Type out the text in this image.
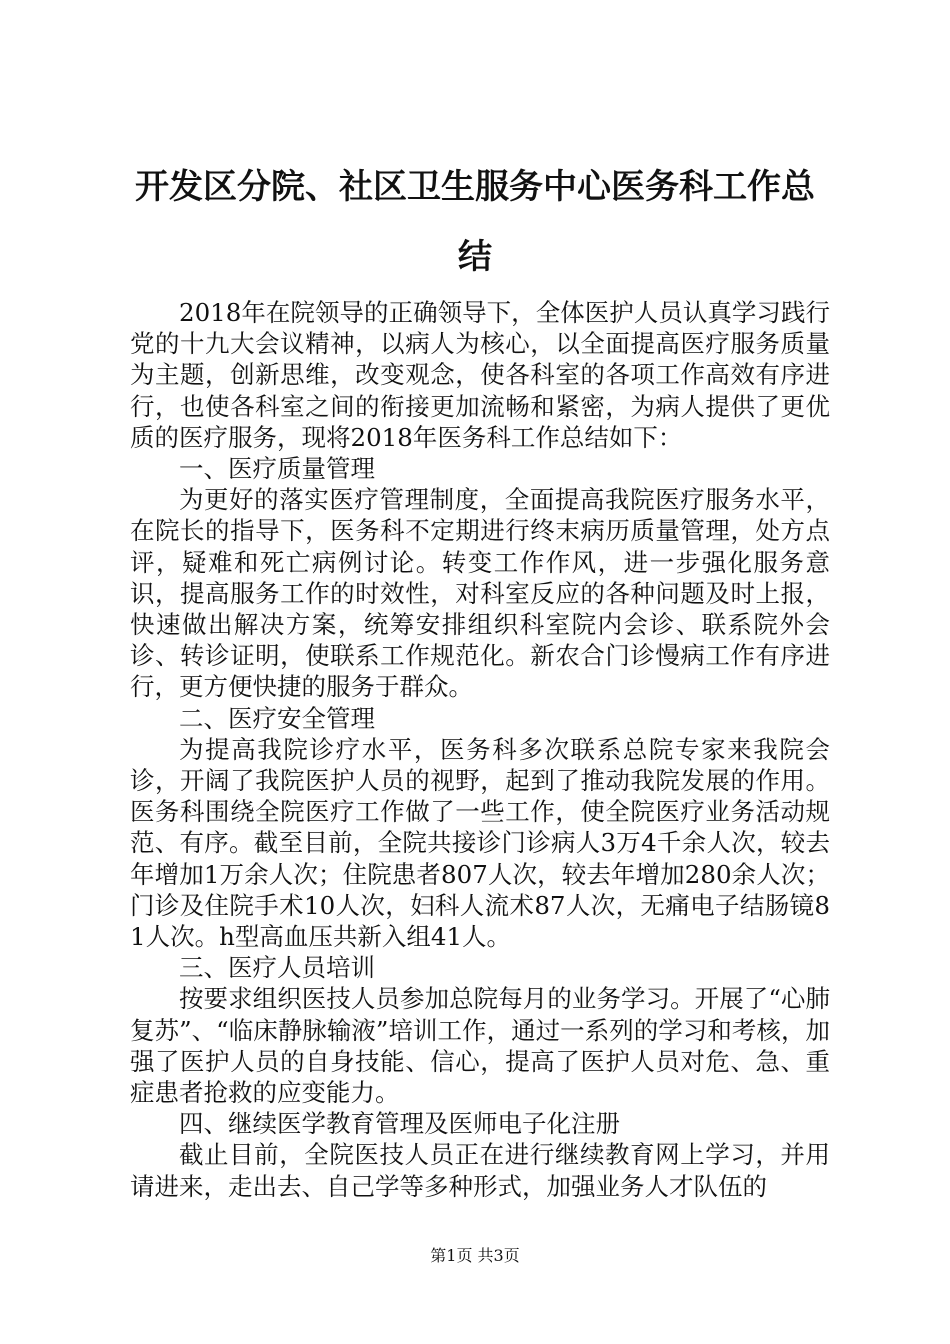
开发区分院、社区卫生服务中心医务科工作总结

2018年在院领导的正确领导下，全体医护人员认真学习践行党的十九大会议精神，以病人为核心，以全面提高医疗服务质量为主题，创新思维，改变观念，使各科室的各项工作高效有序进行，也使各科室之间的衔接更加流畅和紧密，为病人提供了更优质的医疗服务，现将2018年医务科工作总结如下：

一、医疗质量管理

为更好的落实医疗管理制度，全面提高我院医疗服务水平，在院长的指导下，医务科不定期进行终末病历质量管理，处方点评，疑难和死亡病例讨论。转变工作作风，进一步强化服务意识，提高服务工作的时效性，对科室反应的各种问题及时上报，快速做出解决方案，统筹安排组织科室院内会诊、联系院外会诊、转诊证明，使联系工作规范化。新农合门诊慢病工作有序进行，更方便快捷的服务于群众。

二、医疗安全管理

为提高我院诊疗水平，医务科多次联系总院专家来我院会诊，开阔了我院医护人员的视野，起到了推动我院发展的作用。医务科围绕全院医疗工作做了一些工作，使全院医疗业务活动规范、有序。截至目前，全院共接诊门诊病人3万4千余人次，较去年增加1万余人次；住院患者807人次，较去年增加280余人次；门诊及住院手术10人次，妇科人流术87人次，无痛电子结肠镜81人次。h型高血压共新入组41人。

三、医疗人员培训

按要求组织医技人员参加总院每月的业务学习。开展了“心肺复苏”、“临床静脉输液”培训工作，通过一系列的学习和考核，加强了医护人员的自身技能、信心，提高了医护人员对危、急、重症患者抢救的应变能力。

四、继续医学教育管理及医师电子化注册

截止目前，全院医技人员正在进行继续教育网上学习，并用请进来，走出去、自己学等多种形式，加强业务人才队伍的

第1页 共3页
